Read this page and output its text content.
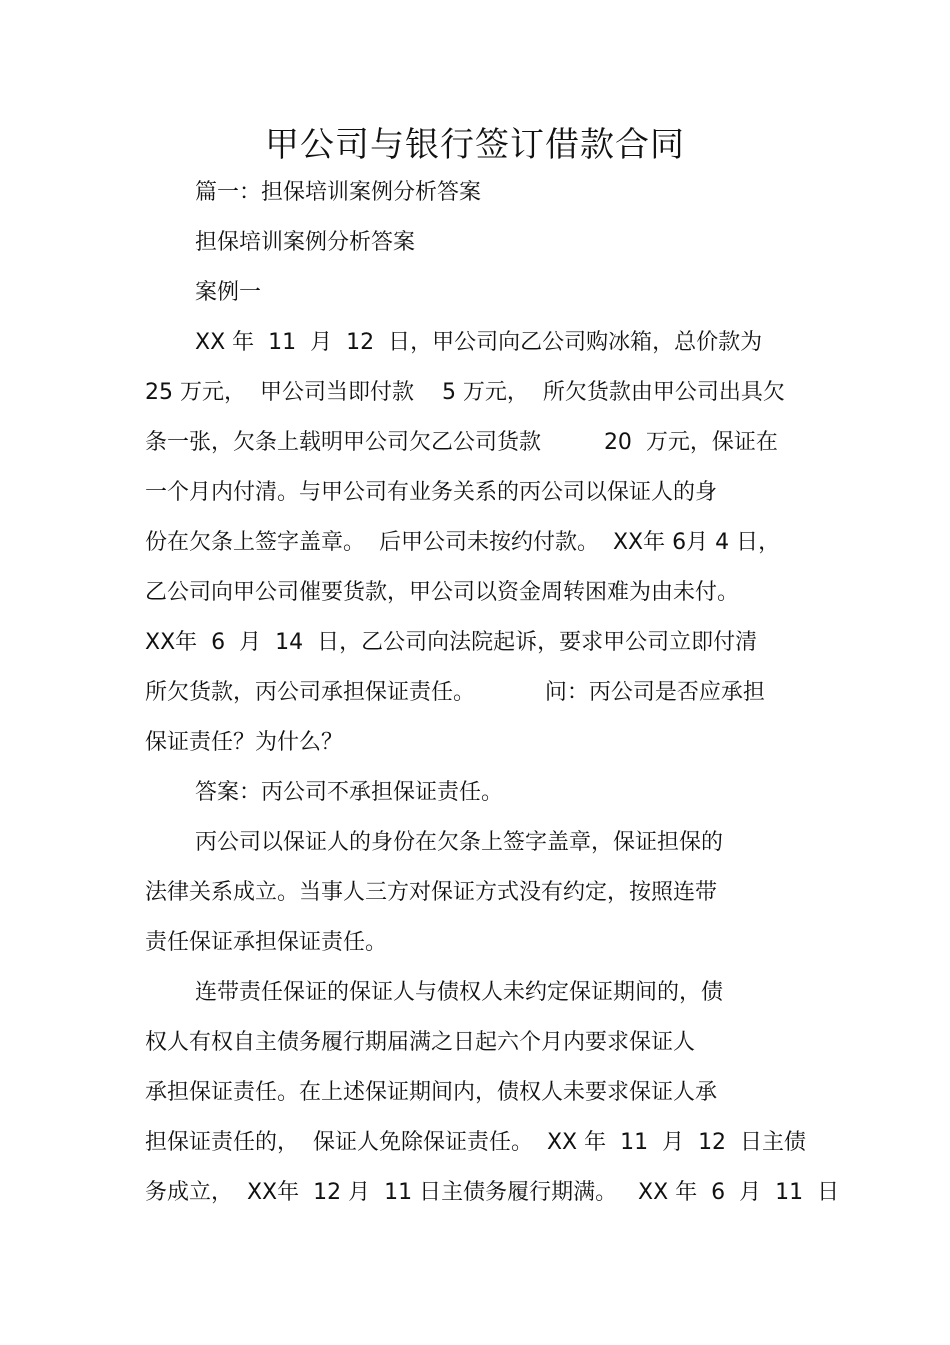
甲公司与银行签订借款合同

篇一：担保培训案例分析答案

担保培训案例分析答案

案例一

XX 年  11  月  12  日，甲公司向乙公司购冰箱，总价款为

25 万元，  甲公司当即付款    5 万元，  所欠货款由甲公司出具欠

条一张，欠条上载明甲公司欠乙公司货款         20  万元，保证在

一个月内付清。与甲公司有业务关系的丙公司以保证人的身

份在欠条上签字盖章。  后甲公司未按约付款。  XX年 6月 4 日，

乙公司向甲公司催要货款，甲公司以资金周转困难为由未付。

XX年  6  月  14  日，乙公司向法院起诉，要求甲公司立即付清

所欠货款，丙公司承担保证责任。          问：丙公司是否应承担

保证责任？为什么？

答案：丙公司不承担保证责任。

丙公司以保证人的身份在欠条上签字盖章，保证担保的

法律关系成立。当事人三方对保证方式没有约定，按照连带

责任保证承担保证责任。

连带责任保证的保证人与债权人未约定保证期间的，债

权人有权自主债务履行期届满之日起六个月内要求保证人

承担保证责任。在上述保证期间内，债权人未要求保证人承

担保证责任的，  保证人免除保证责任。  XX 年  11  月  12  日主债

务成立，  XX年  12 月  11 日主债务履行期满。   XX 年  6  月  11  日
